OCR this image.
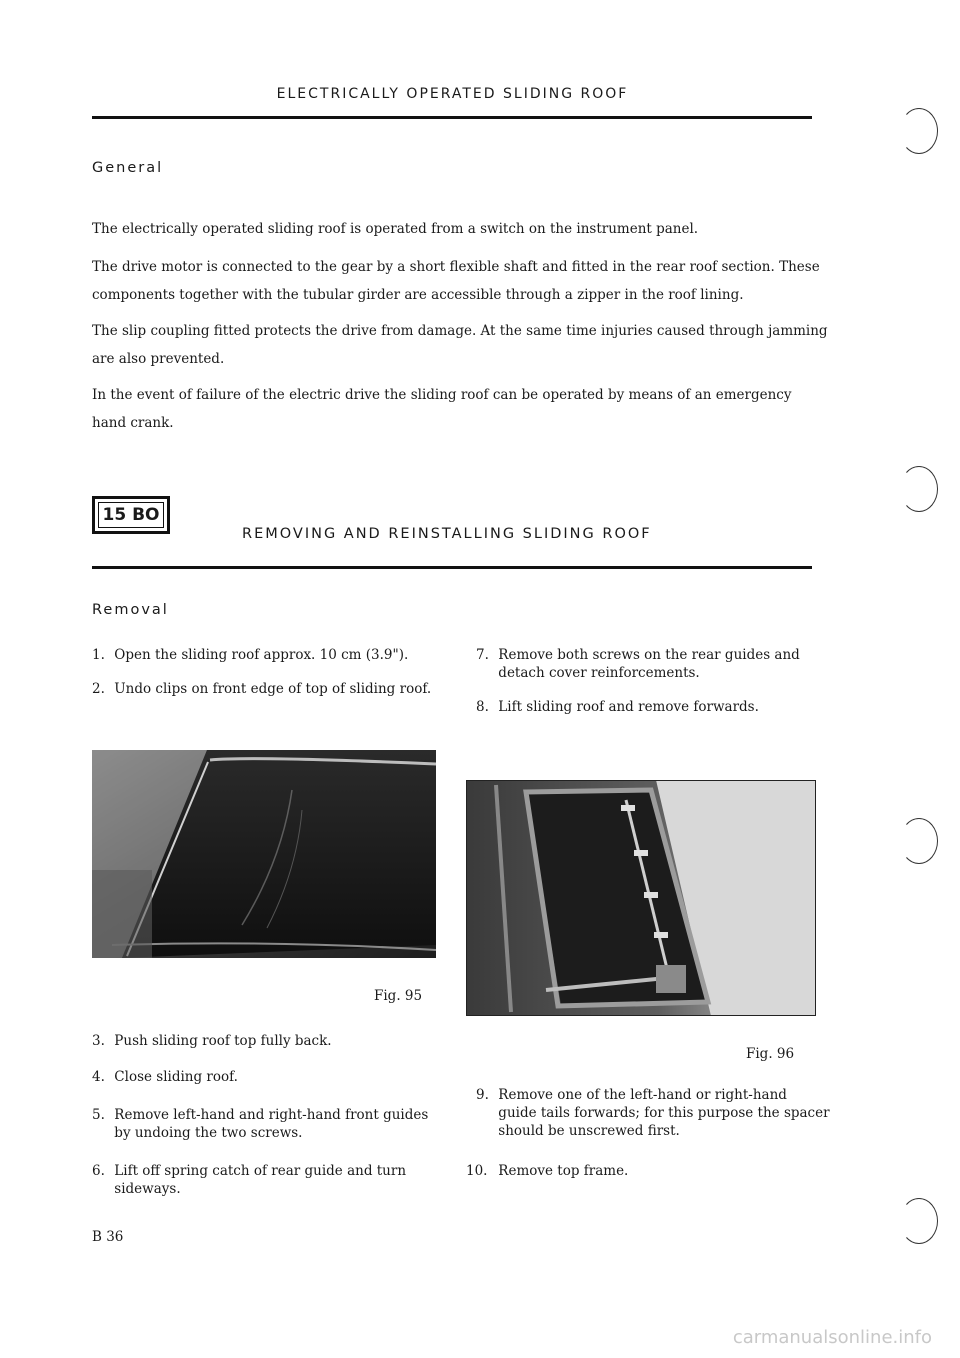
ELECTRICALLY OPERATED SLIDING ROOF
General
The electrically operated sliding roof is operated from a switch on the instrument panel.
The drive motor is connected to the gear by a short flexible shaft and fitted in the rear roof section. These
components together with the tubular girder are accessible through a zipper in the roof lining.
The slip coupling fitted protects the drive from damage. At the same time injuries caused through jamming
are also prevented.
In the event of failure of the electric drive the sliding roof can be operated by means of an emergency
hand crank.
15 BO
REMOVING AND REINSTALLING SLIDING ROOF
Removal
1. Open the sliding roof approx. 10 cm (3.9").
2. Undo clips on front edge of top of sliding roof.
Fig. 95
3. Push sliding roof top fully back.
4. Close sliding roof.
5. Remove left-hand and right-hand front guides
by undoing the two screws.
6. Lift off spring catch of rear guide and turn
sideways.
7. Remove both screws on the rear guides and
detach cover reinforcements.
8. Lift sliding roof and remove forwards.
Fig. 96
9. Remove one of the left-hand or right-hand
guide tails forwards; for this purpose the spacer
should be unscrewed first.
10. Remove top frame.
B 36
carmanualsonline.info
